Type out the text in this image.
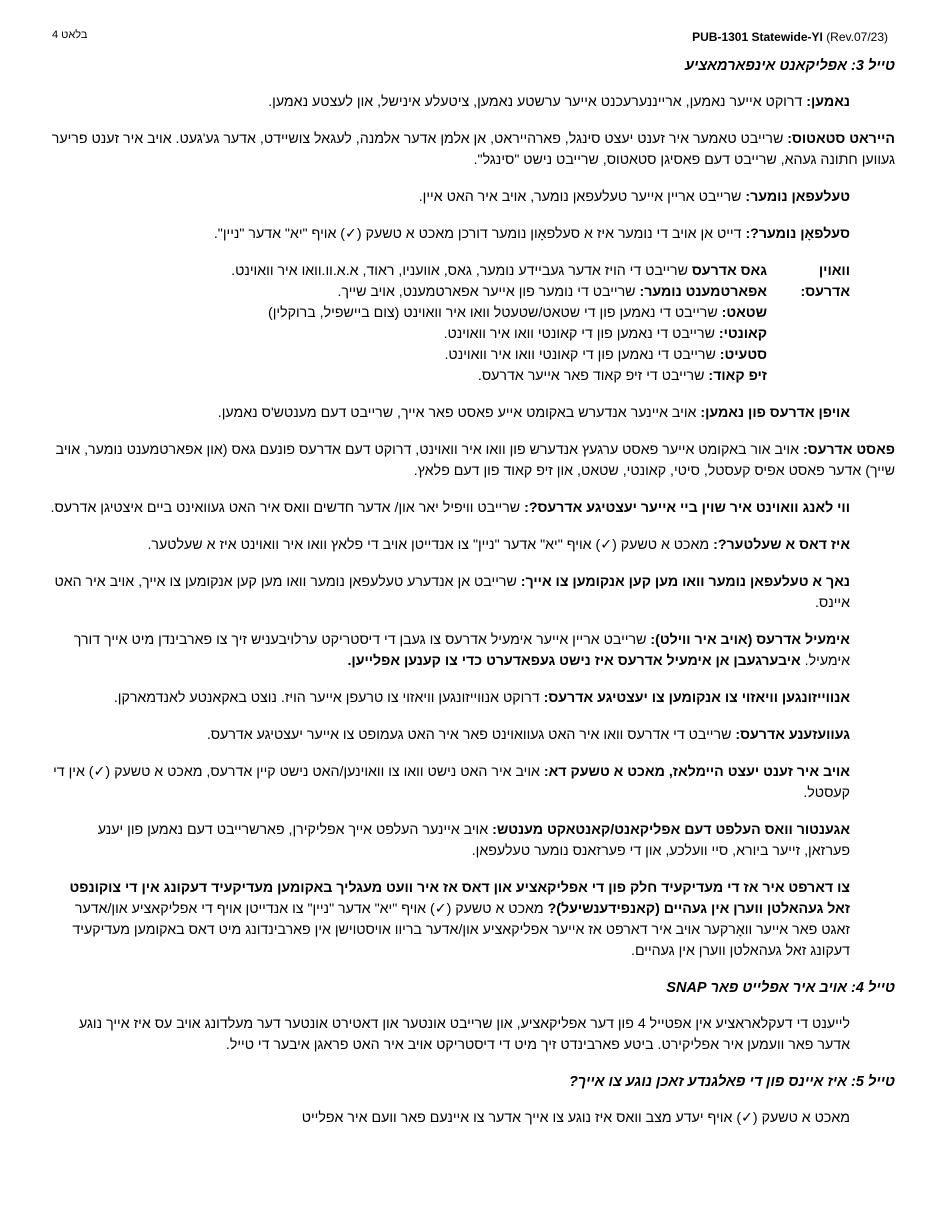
בלאט 4	PUB-1301 Statewide-YI (Rev.07/23)
טייל 3: אפליקאנט אינפארמאציע

נאמען: דרוקט אייער נאמען, ארייננערעכנט אייער ערשטע נאמען, ציטעלע אינישל, און לעצטע נאמען.

הייראט סטאטוס: שרייבט טאמער איר זענט יעצט סינגל, פארהייראט, אן אלמן אדער אלמנה, לעגאל צושיידט, אדער גע'געט. אויב איר זענט פריער געווען חתונה געהא, שרייבט דעם פאסיגן סטאטוס, שרייבט נישט "סינגל".

טעלעפאן נומער: שרייבט אריין אייער טעלעפאן נומער, אויב איר האט איין.

סעלפאָן נומער?: דייט אן אויב די נומער איז א סעלפאָון נומער דורכן מאכט א טשעק (✓) אויף "יא" אדער "ניין".

וואוין אדרעס:

גאס אדרעס שרייבט די הויז אדער געביידע נומער, גאס, אוועניו, ראוד, א.א.וו.וואו איר וואוינט.

אפארטמענט נומער: שרייבט די נומער פון אייער אפארטמענט, אויב שייך.

שטאט: שרייבט די נאמען פון די שטאט/שטעטל וואו איר וואוינט (צום ביישפיל, ברוקלין)

קאונטי: שרייבט די נאמען פון די קאונטי וואו איר וואוינט.

סטעיט: שרייבט די נאמען פון די קאונטי וואו איר וואוינט.

זיפ קאוד: שרייבט די זיפ קאוד פאר אייער אדרעס.

אויפן אדרעס פון נאמען: אויב איינער אנדערש באקומט אייע פאסט פאר אייך, שרייבט דעם מענטש'ס נאמען.

פאסט אדרעס: אויב אור באקומט אייער פאסט ערגעץ אנדערש פון וואו איר וואוינט, דרוקט דעם אדרעס פונעם גאס (און אפארטמענט נומער, אויב שייך) אדער פאסט אפיס קעסטל, סיטי, קאונטי, שטאט, און זיפ קאוד פון דעם פלאץ.

ווי לאנג וואוינט איר שוין ביי אייער יעצטיגע אדרעס?: שרייבט וויפיל יאר און/ אדער חדשים וואס איר האט געוואינט ביים איצטיגן אדרעס.

איז דאס א שעלטער?: מאכט א טשעק (✓) אויף "יא" אדער "ניין" צו אנדייטן אויב די פלאץ וואו איר וואוינט איז א שעלטער.

נאך א טעלעפאן נומער וואו מען קען אנקומען צו אייך: שרייבט אן אנדערע טעלעפאן נומער וואו מען קען אנקומען צו אייך, אויב איר האט איינס.

אימעיל אדרעס (אויב איר ווילט): שרייבט אריין אייער אימעיל אדרעס צו געבן די דיסטריקט ערלויבעניש זיך צו פארבינדן מיט אייך דורך אימעיל. איבערגעבן אן אימעיל אדרעס איז נישט געפאדערט כדי צו קענען אפלייען.

אנווייזונגען וויאזוי צו אנקומען צו יעצטיגע אדרעס: דרוקט אנווייזונגען וויאזוי צו טרעפן אייער הויז. נוצט באקאנטע לאנדמארקן.

געוועזענע אדרעס: שרייבט די אדרעס וואו איר האט געוואוינט פאר איר האט געמופט צו אייער יעצטיגע אדרעס.

אויב איר זענט יעצט היימלאז, מאכט א טשעק דא: אויב איר האט נישט וואו צו וואוינען/האט נישט קיין אדרעס, מאכט א טשעק (✓) אין די קעסטל.

אגענטור וואס העלפט דעם אפליקאנט/קאנטאקט מענטש: אויב איינער העלפט אייך אפליקירן, פארשרייבט דעם נאמען פון יענע פערזאן, זייער ביורא, סיי וועלכע, און די פערזאנס נומער טעלעפאן.

צו דארפט איר אז די מעדיקעיד חלק פון די אפליקאציע און דאס אז איר וועט מעגליך באקומען מעדיקעיד דעקונג אין די צוקונפט זאל געהאלטן ווערן אין געהיים (קאנפידענשיעל)? מאכט א טשעק (✓) אויף "יא" אדער "ניין" צו אנדייטן אויף די אפליקאציע און/אדער זאגט פאר אייער וואָרקער אויב איר דארפט אז אייער אפליקאציע און/אדער בריוו אויסטוישן אין פארבינדונג מיט דאס באקומען מעדיקעיד דעקונג זאל געהאלטן ווערן אין געהיים.

טייל 4: אויב איר אפלייט פאר SNAP

לייענט די דעקלאראציע אין אפטייל 4 פון דער אפליקאציע, און שרייבט אונטער און דאטירט אונטער דער מעלדונג אויב עס איז אייך נוגע אדער פאר וועמען איר אפליקירט. ביטע פארבינדט זיך מיט די דיסטריקט אויב איר האט פראגן איבער די טייל.

טייל 5: איז איינס פון די פאלגנדע זאכן נוגע צו אייך?

מאכט א טשעק (✓) אויף יעדע מצב וואס איז נוגע צו אייך אדער צו איינעם פאר וועם איר אפלייט
